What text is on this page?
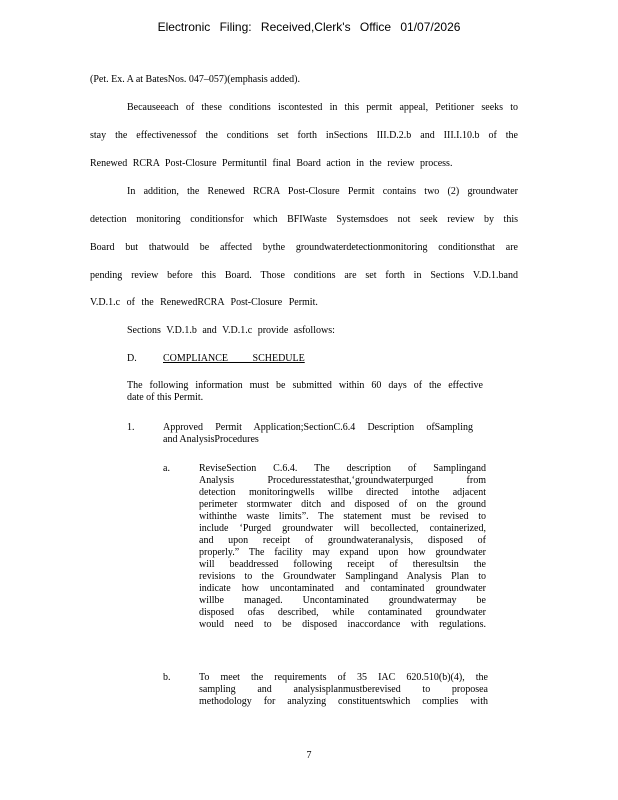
Electronic Filing: Received,Clerk's Office 01/07/2026
(Pet. Ex. A at BatesNos. 047–057)(emphasis added).
Becauseeach of these conditions iscontested in this permit appeal, Petitioner seeks to
stay the effectivenessof the conditions set forth inSections III.D.2.b and III.I.10.b of the
Renewed RCRA Post-Closure Permituntil final Board action in the review process.
In addition, the Renewed RCRA Post-Closure Permit contains two (2) groundwater
detection monitoring conditionsfor which BFIWaste Systemsdoes not seek review by this
Board but thatwould be affected bythe groundwaterdetectionmonitoring conditionsthat are
pending review before this Board. Those conditions are set forth in Sections V.D.1.band
V.D.1.c of the RenewedRCRA Post-Closure Permit.
Sections V.D.1.b and V.D.1.c provide asfollows:
D.	COMPLIANCE SCHEDULE
The following information must be submitted within 60 days of the effective
date of this Permit.
1.	Approved Permit Application;SectionC.6.4 Description ofSampling
and AnalysisProcedures
a.	ReviseSection C.6.4. The description of Samplingand
Analysis Proceduresstatesthat,‘groundwaterpurged from
detection monitoringwells willbe directed intothe adjacent
perimeter stormwater ditch and disposed of on the ground
withinthe waste limits”. The statement must be revised to
include ‘Purged groundwater will becollected, containerized,
and upon receipt of groundwateranalysis, disposed of
properly.” The facility may expand upon how groundwater
will beaddressed following receipt of theresultsin the
revisions to the Groundwater Samplingand Analysis Plan to
indicate how uncontaminated and contaminated groundwater
willbe managed. Uncontaminated groundwatermay be
disposed ofas described, while contaminated groundwater
would need to be disposed inaccordance with regulations.
b.	To meet the requirements of 35 IAC 620.510(b)(4), the
sampling and analysisplanmustberevised to proposea
methodology for analyzing constituentswhich complies with
7
